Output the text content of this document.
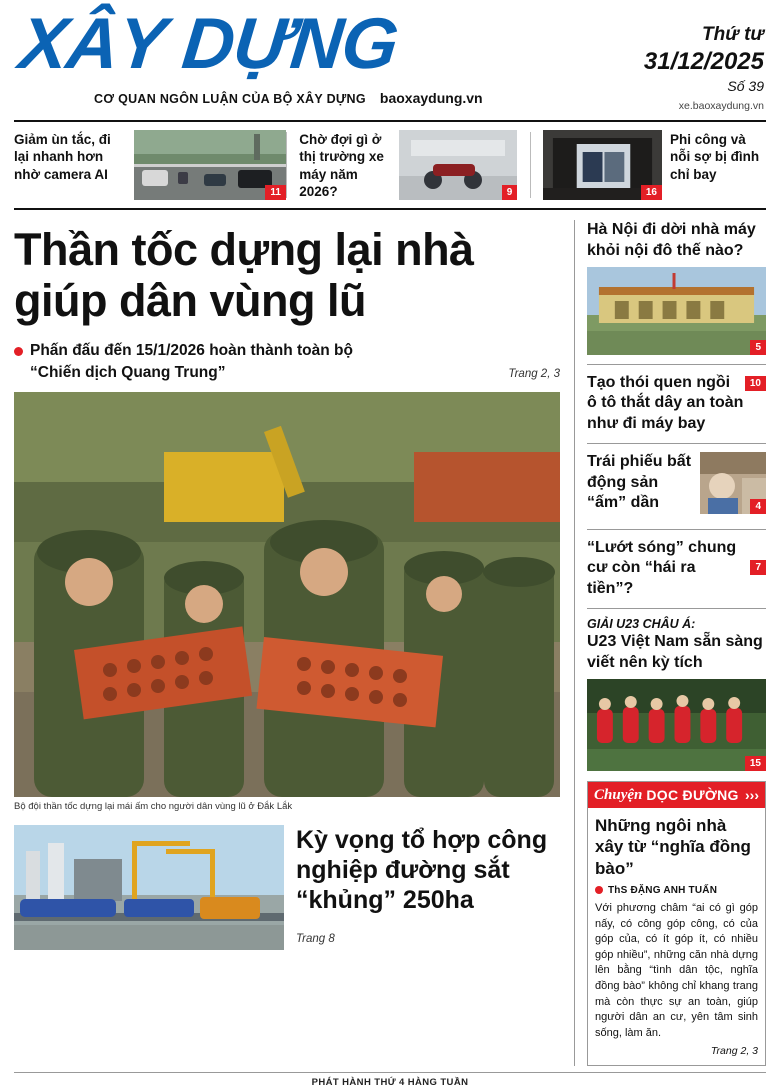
XÂY DỰNG
CƠ QUAN NGÔN LUẬN CỦA BỘ XÂY DỰNG baoxaydung.vn
Thứ tư
31/12/2025
Số 39
xe.baoxaydung.vn
Giảm ùn tắc, đi lại nhanh hơn nhờ camera AI
11
Chờ đợi gì ở thị trường xe máy năm 2026?	9	16
Phi công và nỗi sợ bị đình chỉ bay
Thần tốc dựng lại nhà giúp dân vùng lũ
Phấn đấu đến 15/1/2026 hoàn thành toàn bộ
“Chiến dịch Quang Trung”	Trang 2, 3
Bộ đội thần tốc dựng lại mái ấm cho người dân vùng lũ ở Đắk Lắk
Kỳ vọng tổ hợp công nghiệp đường sắt “khủng” 250ha
Trang 8
Hà Nội đi dời nhà máy khỏi nội đô thế nào?
5
10
Tạo thói quen ngồi ô tô thắt dây an toàn như đi máy bay
Trái phiếu bất động sản “ấm” dần	4
7
“Lướt sóng” chung cư còn “hái ra tiền”?
GIẢI U23 CHÂU Á:
U23 Việt Nam sẵn sàng viết nên kỳ tích
15
Chuyện DỌC ĐƯỜNG ›››
Những ngôi nhà xây từ “nghĩa đồng bào”
ThS ĐẶNG ANH TUẤN
Với phương châm “ai có gì góp nấy, có công góp công, có của góp của, có ít góp ít, có nhiều góp nhiều”, những căn nhà dựng lên bằng “tình dân tộc, nghĩa đồng bào” không chỉ khang trang mà còn thực sự an toàn, giúp người dân an cư, yên tâm sinh sống, làm ăn.
Trang 2, 3
PHÁT HÀNH THỨ 4 HÀNG TUẦN
